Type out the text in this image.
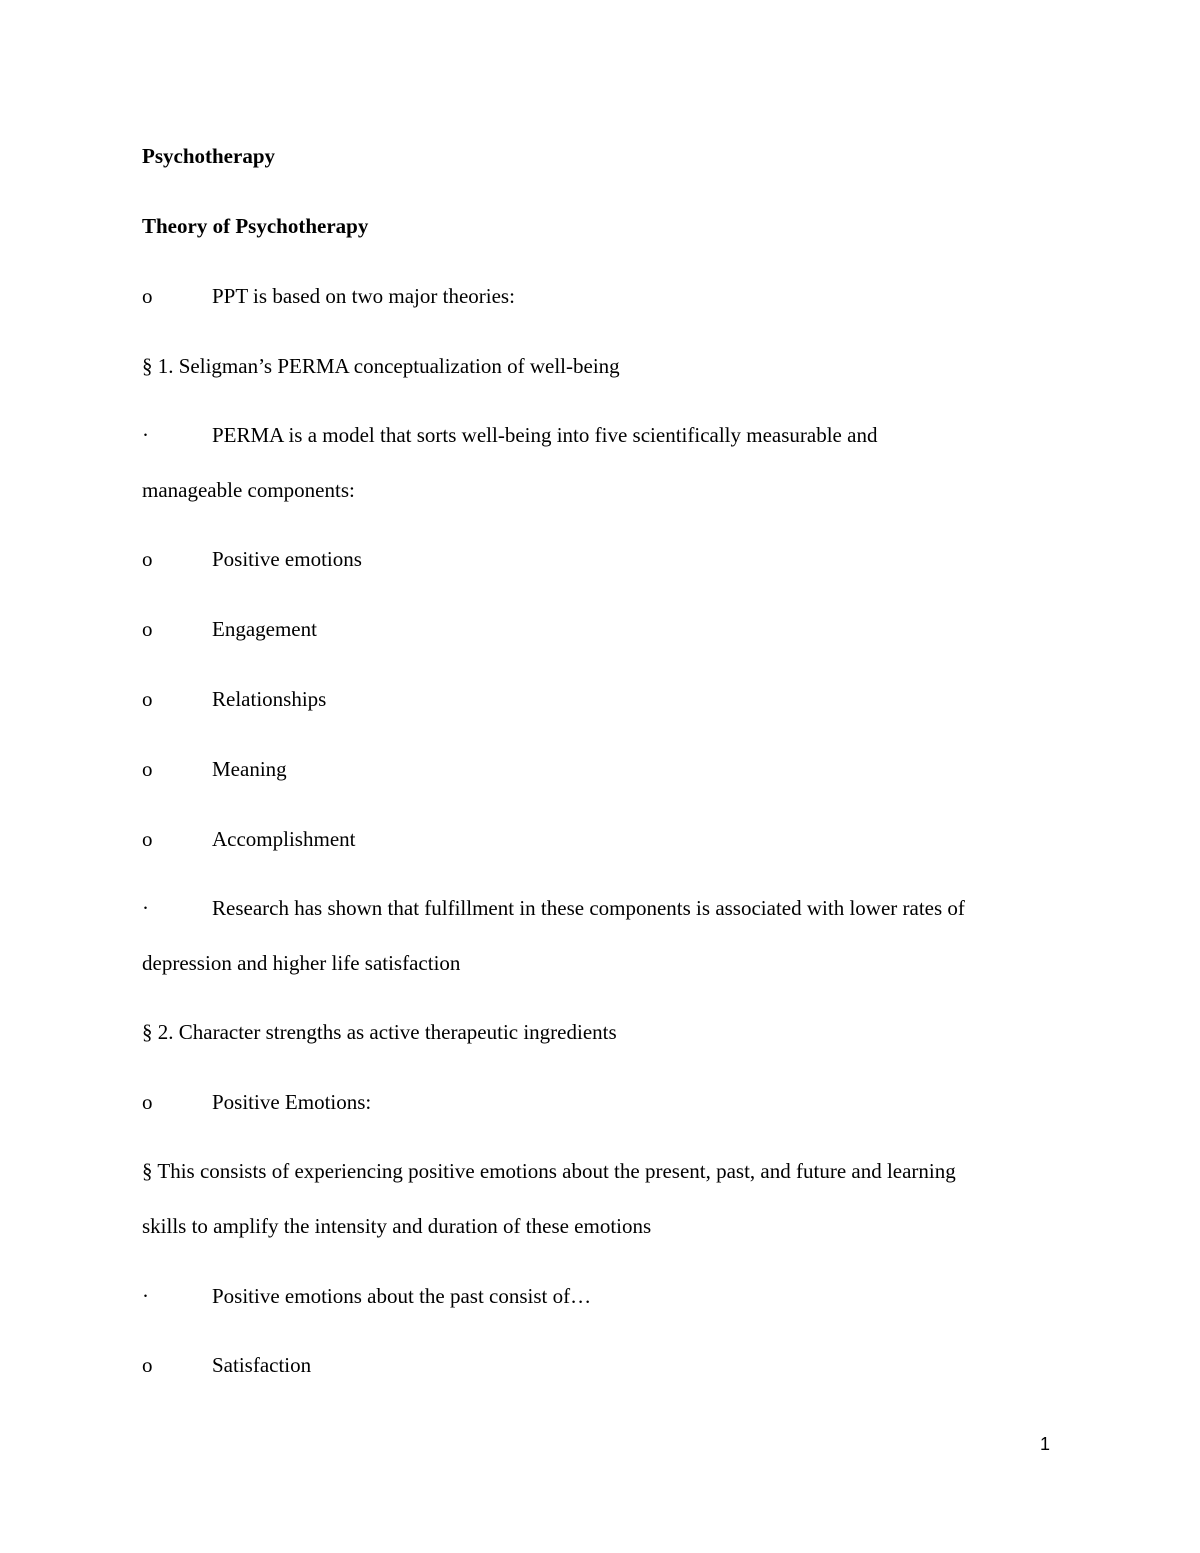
Psychotherapy
Theory of Psychotherapy
o	PPT is based on two major theories:
§ 1. Seligman’s PERMA conceptualization of well-being
·	PERMA is a model that sorts well-being into five scientifically measurable and
manageable components:
o	Positive emotions
o	Engagement
o	Relationships
o	Meaning
o	Accomplishment
·	Research has shown that fulfillment in these components is associated with lower rates of
depression and higher life satisfaction
§ 2. Character strengths as active therapeutic ingredients
o	Positive Emotions:
§ This consists of experiencing positive emotions about the present, past, and future and learning
skills to amplify the intensity and duration of these emotions
·	Positive emotions about the past consist of…
o	Satisfaction
1
